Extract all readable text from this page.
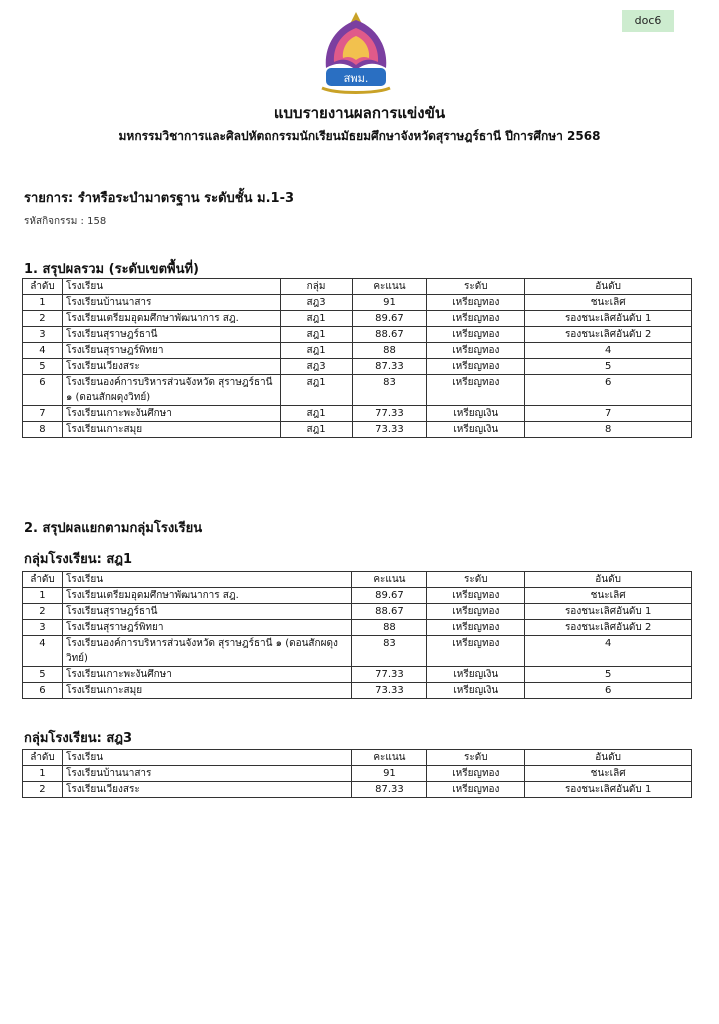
doc6
สพม.
แบบรายงานผลการแข่งขัน
มหกรรมวิชาการและศิลปหัตถกรรมนักเรียนมัธยมศึกษาจังหวัดสุราษฎร์ธานี ปีการศึกษา 2568
รายการ: รำหรือระบำมาตรฐาน ระดับชั้น ม.1-3
รหัสกิจกรรม : 158
1. สรุปผลรวม (ระดับเขตพื้นที่)
ลำดับ	โรงเรียน	กลุ่ม	คะแนน	ระดับ	อันดับ
1	โรงเรียนบ้านนาสาร	สฎ3	91	เหรียญทอง	ชนะเลิศ
2	โรงเรียนเตรียมอุดมศึกษาพัฒนาการ สฎ.	สฎ1	89.67	เหรียญทอง	รองชนะเลิศอันดับ 1
3	โรงเรียนสุราษฎร์ธานี	สฎ1	88.67	เหรียญทอง	รองชนะเลิศอันดับ 2
4	โรงเรียนสุราษฎร์พิทยา	สฎ1	88	เหรียญทอง	4
5	โรงเรียนเวียงสระ	สฎ3	87.33	เหรียญทอง	5
6	โรงเรียนองค์การบริหารส่วนจังหวัด สุราษฎร์ธานี ๑ (ดอนสักผดุงวิทย์)	สฎ1	83	เหรียญทอง	6
7	โรงเรียนเกาะพะงันศึกษา	สฎ1	77.33	เหรียญเงิน	7
8	โรงเรียนเกาะสมุย	สฎ1	73.33	เหรียญเงิน	8
2. สรุปผลแยกตามกลุ่มโรงเรียน
กลุ่มโรงเรียน: สฎ1
ลำดับ	โรงเรียน	คะแนน	ระดับ	อันดับ
1	โรงเรียนเตรียมอุดมศึกษาพัฒนาการ สฎ.	89.67	เหรียญทอง	ชนะเลิศ
2	โรงเรียนสุราษฎร์ธานี	88.67	เหรียญทอง	รองชนะเลิศอันดับ 1
3	โรงเรียนสุราษฎร์พิทยา	88	เหรียญทอง	รองชนะเลิศอันดับ 2
4	โรงเรียนองค์การบริหารส่วนจังหวัด สุราษฎร์ธานี ๑ (ดอนสักผดุงวิทย์)	83	เหรียญทอง	4
5	โรงเรียนเกาะพะงันศึกษา	77.33	เหรียญเงิน	5
6	โรงเรียนเกาะสมุย	73.33	เหรียญเงิน	6
กลุ่มโรงเรียน: สฎ3
ลำดับ	โรงเรียน	คะแนน	ระดับ	อันดับ
1	โรงเรียนบ้านนาสาร	91	เหรียญทอง	ชนะเลิศ
2	โรงเรียนเวียงสระ	87.33	เหรียญทอง	รองชนะเลิศอันดับ 1
